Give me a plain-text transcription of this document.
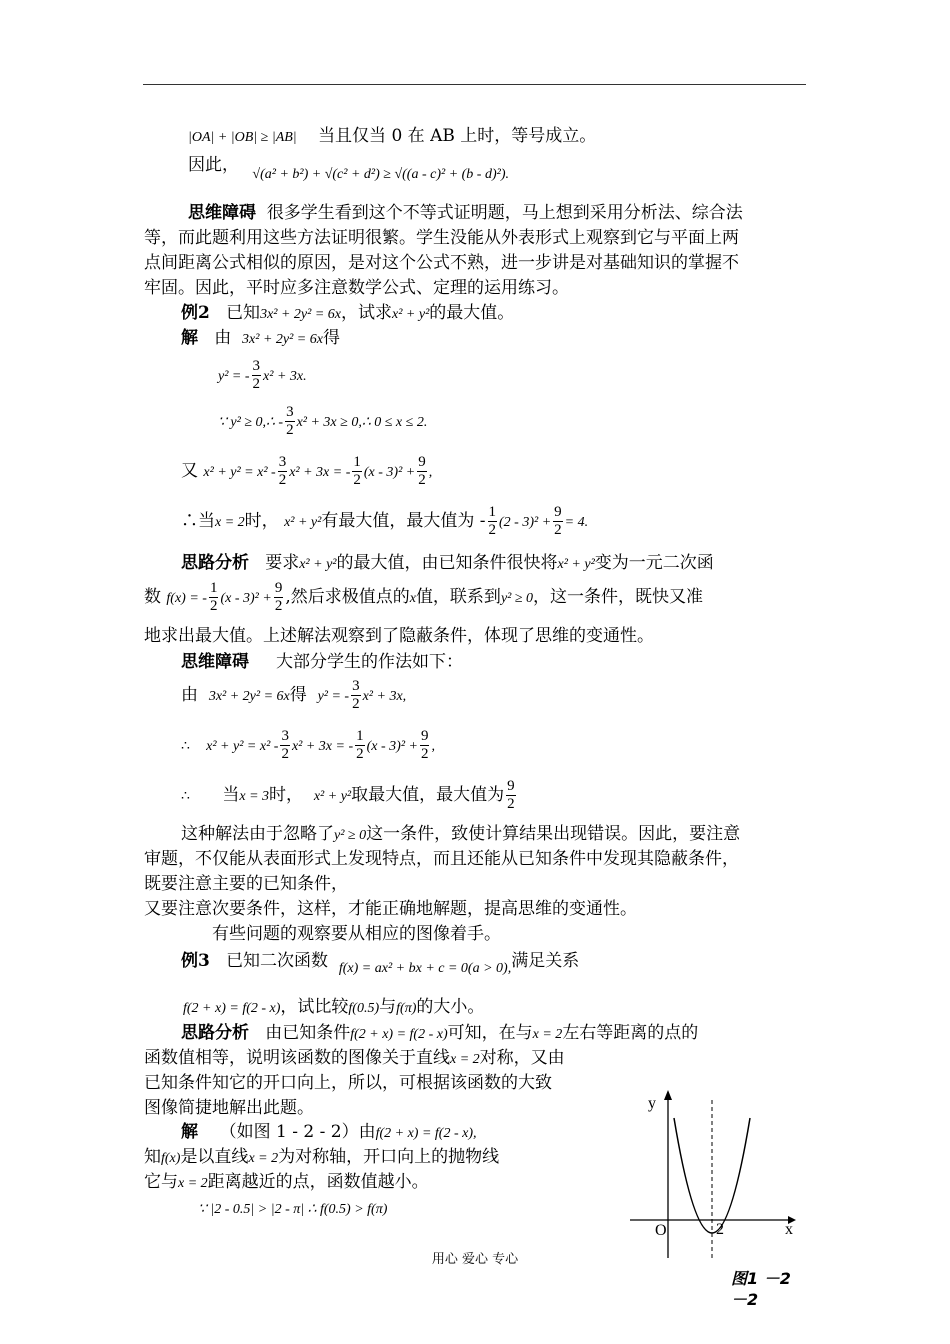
|OA| + |OB| ≥ |AB| 当且仅当 0 在 AB 上时，等号成立。
因此， $_{√(a^2 + b^2) + √(c^2 + d^2) \ge √((a - c)^2 + (b - d)^2).}$
思维障碍 很多学生看到这个不等式证明题，马上想到采用分析法、综合法
等，而此题利用这些方法证明很繁。学生没能从外表形式上观察到它与平面上两
点间距离公式相似的原因，是对这个公式不熟，进一步讲是对基础知识的掌握不
牢固。因此，平时应多注意数学公式、定理的运用练习。
例2 已知3x² + 2y² = 6x，试求x² + y²的最大值。
解 由 3x² + 2y² = 6x得
y² = - $\frac{3}{2} x^2 + 3x$.
∵ y² ≥ 0,∴ - $\frac{3}{2} x^2 + 3x$ ≥ 0,∴ 0 ≤ x ≤ 2.
又 $x^2 + y^2 = x^2 - \frac{3}{2} x^2 + 3x$ = - $\frac{1}{2} (x - 3)^2 + \frac{9}{2}$ ,
∴当x = 2时， x² + y²有最大值，最大值为 - $\frac{1}{2} (2 - 3)^2 + \frac{9}{2} = 4$.
思路分析 要求x² + y²的最大值，由已知条件很快将x² + y²变为一元二次函
数 f(x) = - $\frac{1}{2} (x - 3)^2 + \frac{9}{2}$ ,然后求极值点的x值，联系到y² ≥ 0，这一条件，既快又准
地求出最大值。上述解法观察到了隐蔽条件，体现了思维的变通性。
思维障碍 大部分学生的作法如下：
由 3x² + 2y² = 6x得 y² = - $\frac{3}{2} x^2 + 3x$,
∴ $x^2 + y^2 = x^2 - \frac{3}{2} x^2 + 3x$ = - $\frac{1}{2} (x - 3)^2 + \frac{9}{2}$ ,
∴ 当x = 3时， x² + y²取最大值，最大值为 $\frac{9}{2}$
这种解法由于忽略了y² ≥ 0这一条件，致使计算结果出现错误。因此，要注意
审题，不仅能从表面形式上发现特点，而且还能从已知条件中发现其隐蔽条件，
既要注意主要的已知条件，
又要注意次要条件，这样，才能正确地解题，提高思维的变通性。
有些问题的观察要从相应的图像着手。
例3 已知二次函数 $_{f(x) = ax^2 + bx + c = 0(a > 0),}$满足关系
f(2 + x) = f(2 - x)，试比较f(0.5)与f(π)的大小。
思路分析 由已知条件f(2 + x) = f(2 - x)可知，在与x = 2左右等距离的点的
函数值相等，说明该函数的图像关于直线x = 2对称，又由
已知条件知它的开口向上，所以，可根据该函数的大致
图像简捷地解出此题。
解 （如图 1 - 2 - 2）由f(2 + x) = f(2 - x),
知f(x)是以直线x = 2为对称轴，开口向上的抛物线
它与x = 2距离越近的点，函数值越小。
∵ |2 - 0.5| > |2 - π| ∴ f(0.5) > f(π)
y
x
O	2
图1 －2
－2
用心 爱心 专心
